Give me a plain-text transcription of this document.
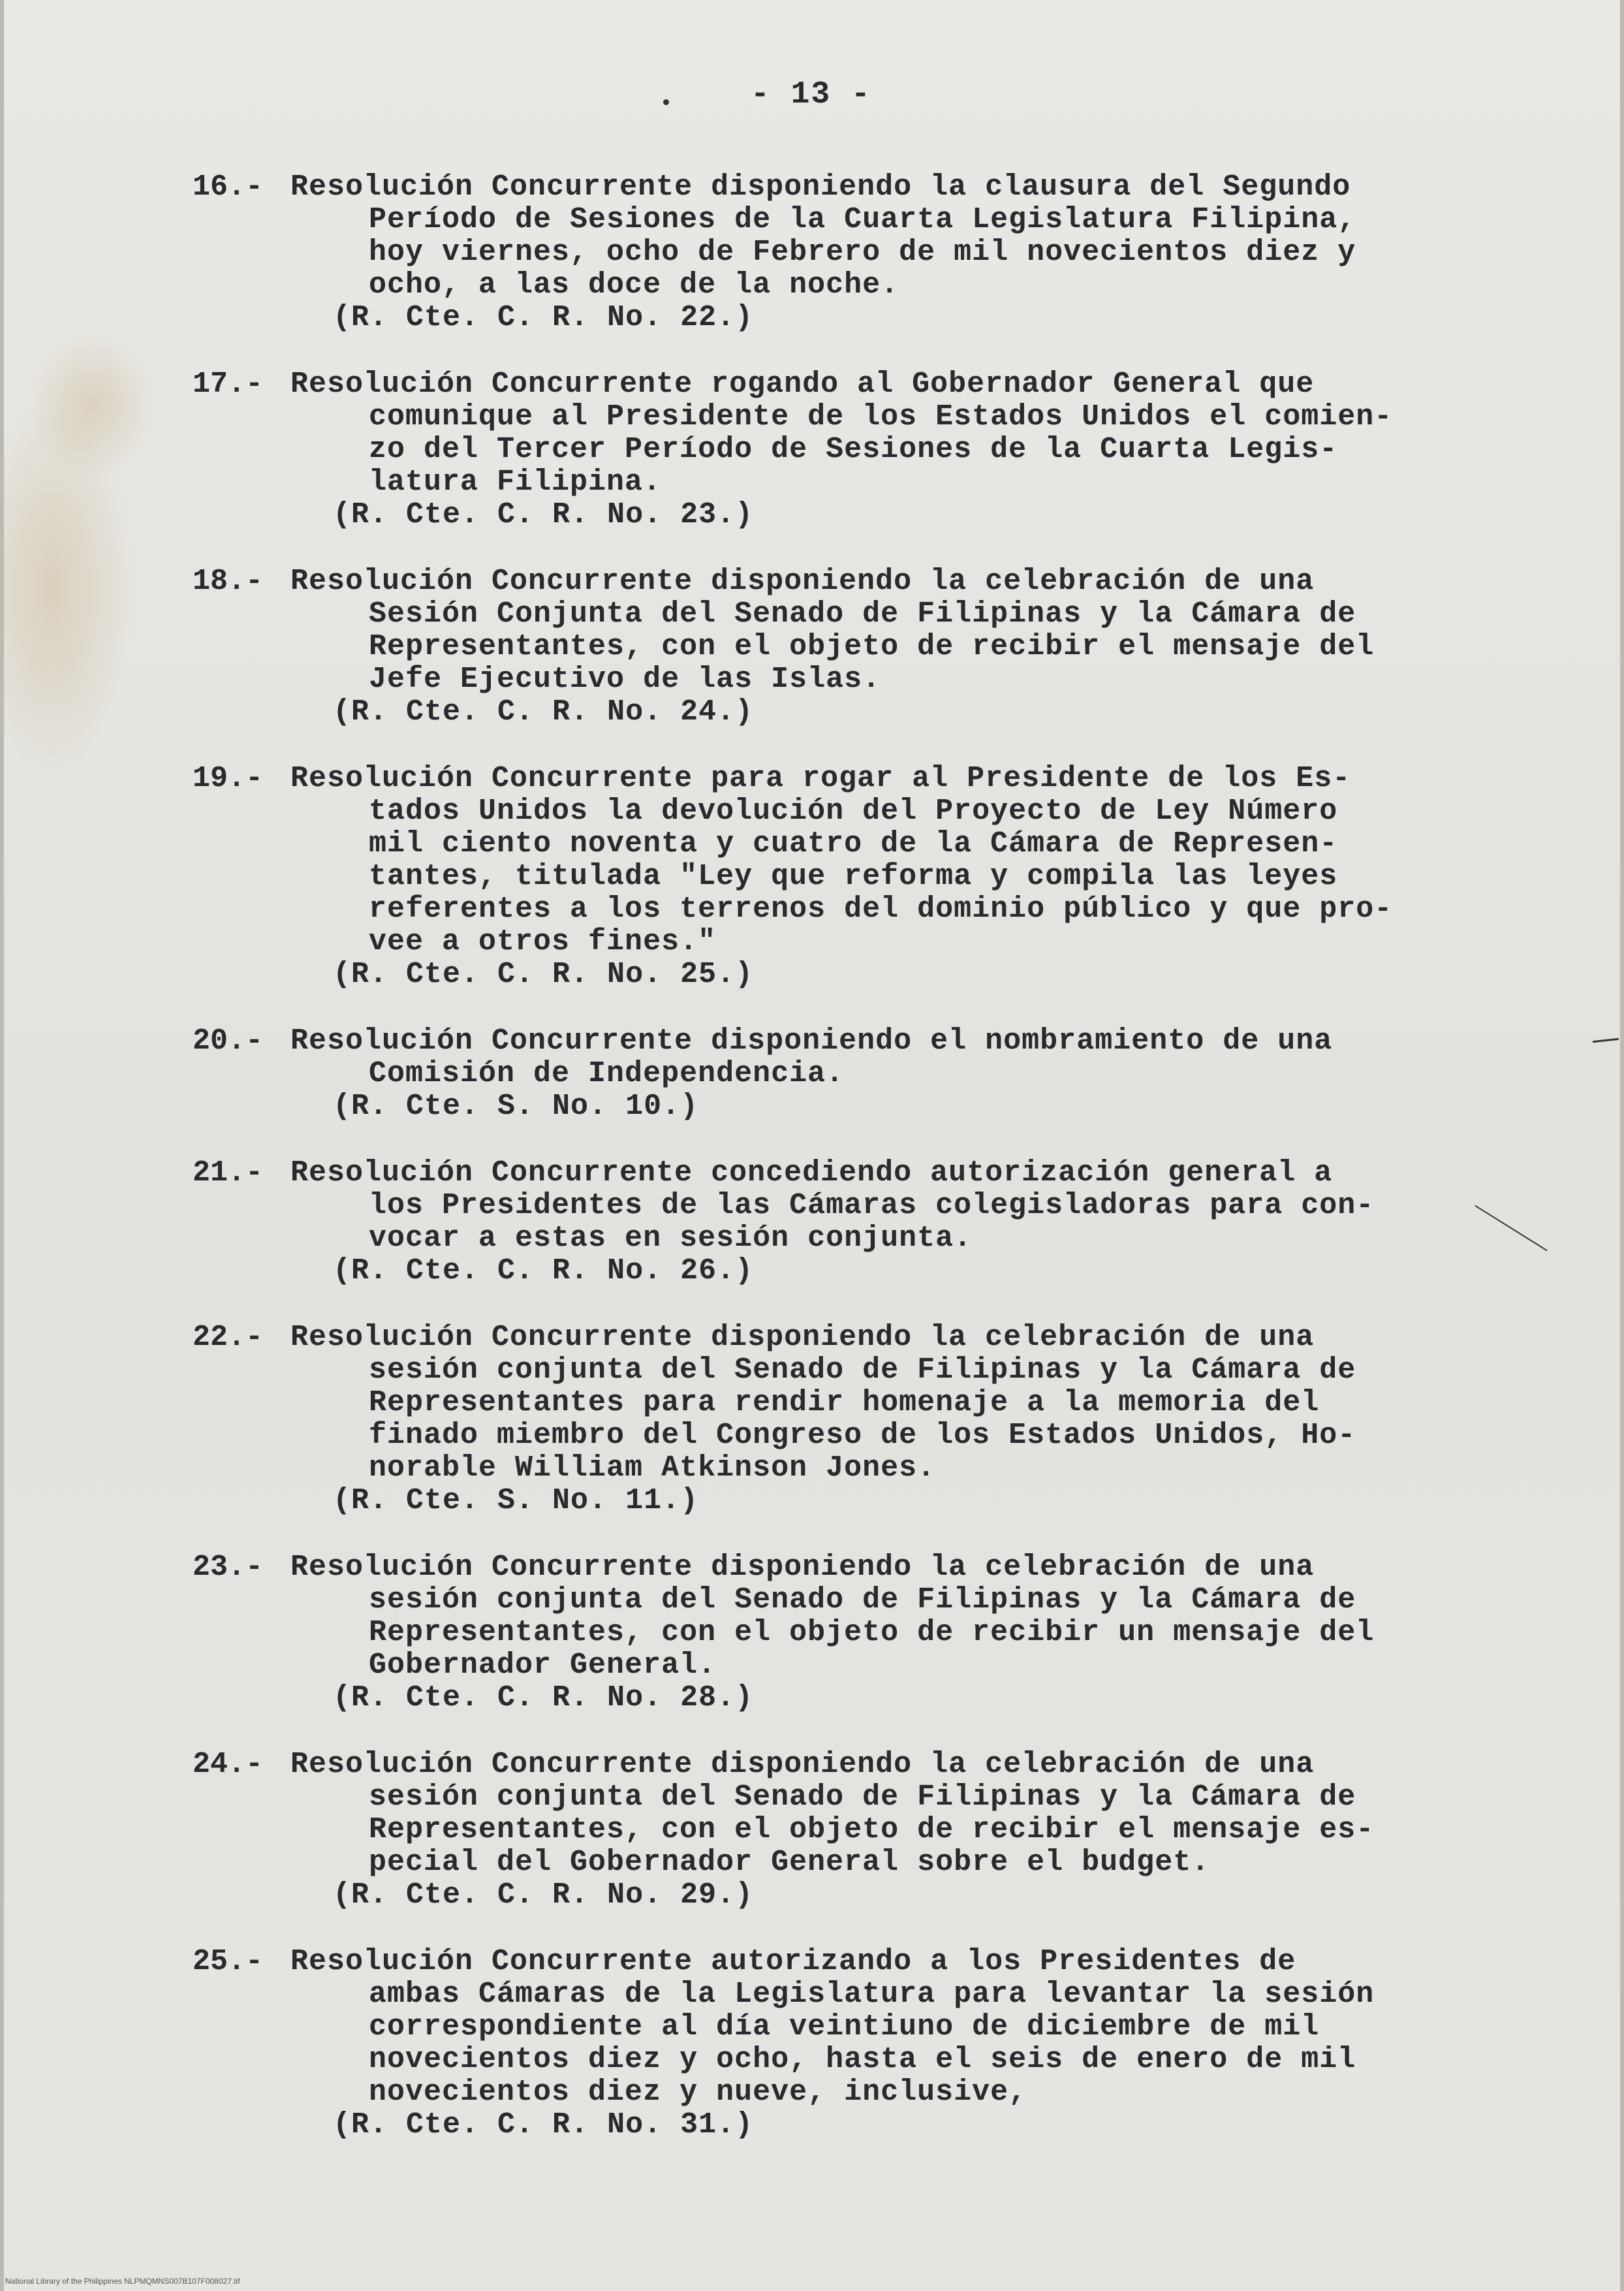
- 13 -
16.- Resolución Concurrente disponiendo la clausura del Segundo
Período de Sesiones de la Cuarta Legislatura Filipina,
hoy viernes, ocho de Febrero de mil novecientos diez y
ocho, a las doce de la noche.
(R. Cte. C. R. No. 22.)
17.- Resolución Concurrente rogando al Gobernador General que
comunique al Presidente de los Estados Unidos el comien-
zo del Tercer Período de Sesiones de la Cuarta Legis-
latura Filipina.
(R. Cte. C. R. No. 23.)
18.- Resolución Concurrente disponiendo la celebración de una
Sesión Conjunta del Senado de Filipinas y la Cámara de
Representantes, con el objeto de recibir el mensaje del
Jefe Ejecutivo de las Islas.
(R. Cte. C. R. No. 24.)
19.- Resolución Concurrente para rogar al Presidente de los Es-
tados Unidos la devolución del Proyecto de Ley Número
mil ciento noventa y cuatro de la Cámara de Represen-
tantes, titulada "Ley que reforma y compila las leyes
referentes a los terrenos del dominio público y que pro-
vee a otros fines."
(R. Cte. C. R. No. 25.)
20.- Resolución Concurrente disponiendo el nombramiento de una
Comisión de Independencia.
(R. Cte. S. No. 10.)
21.- Resolución Concurrente concediendo autorización general a
los Presidentes de las Cámaras colegisladoras para con-
vocar a estas en sesión conjunta.
(R. Cte. C. R. No. 26.)
22.- Resolución Concurrente disponiendo la celebración de una
sesión conjunta del Senado de Filipinas y la Cámara de
Representantes para rendir homenaje a la memoria del
finado miembro del Congreso de los Estados Unidos, Ho-
norable William Atkinson Jones.
(R. Cte. S. No. 11.)
23.- Resolución Concurrente disponiendo la celebración de una
sesión conjunta del Senado de Filipinas y la Cámara de
Representantes, con el objeto de recibir un mensaje del
Gobernador General.
(R. Cte. C. R. No. 28.)
24.- Resolución Concurrente disponiendo la celebración de una
sesión conjunta del Senado de Filipinas y la Cámara de
Representantes, con el objeto de recibir el mensaje es-
pecial del Gobernador General sobre el budget.
(R. Cte. C. R. No. 29.)
25.- Resolución Concurrente autorizando a los Presidentes de
ambas Cámaras de la Legislatura para levantar la sesión
correspondiente al día veintiuno de diciembre de mil
novecientos diez y ocho, hasta el seis de enero de mil
novecientos diez y nueve, inclusive,
(R. Cte. C. R. No. 31.)
National Library of the Philippines NLPMQMNS007B107F008027.tif
